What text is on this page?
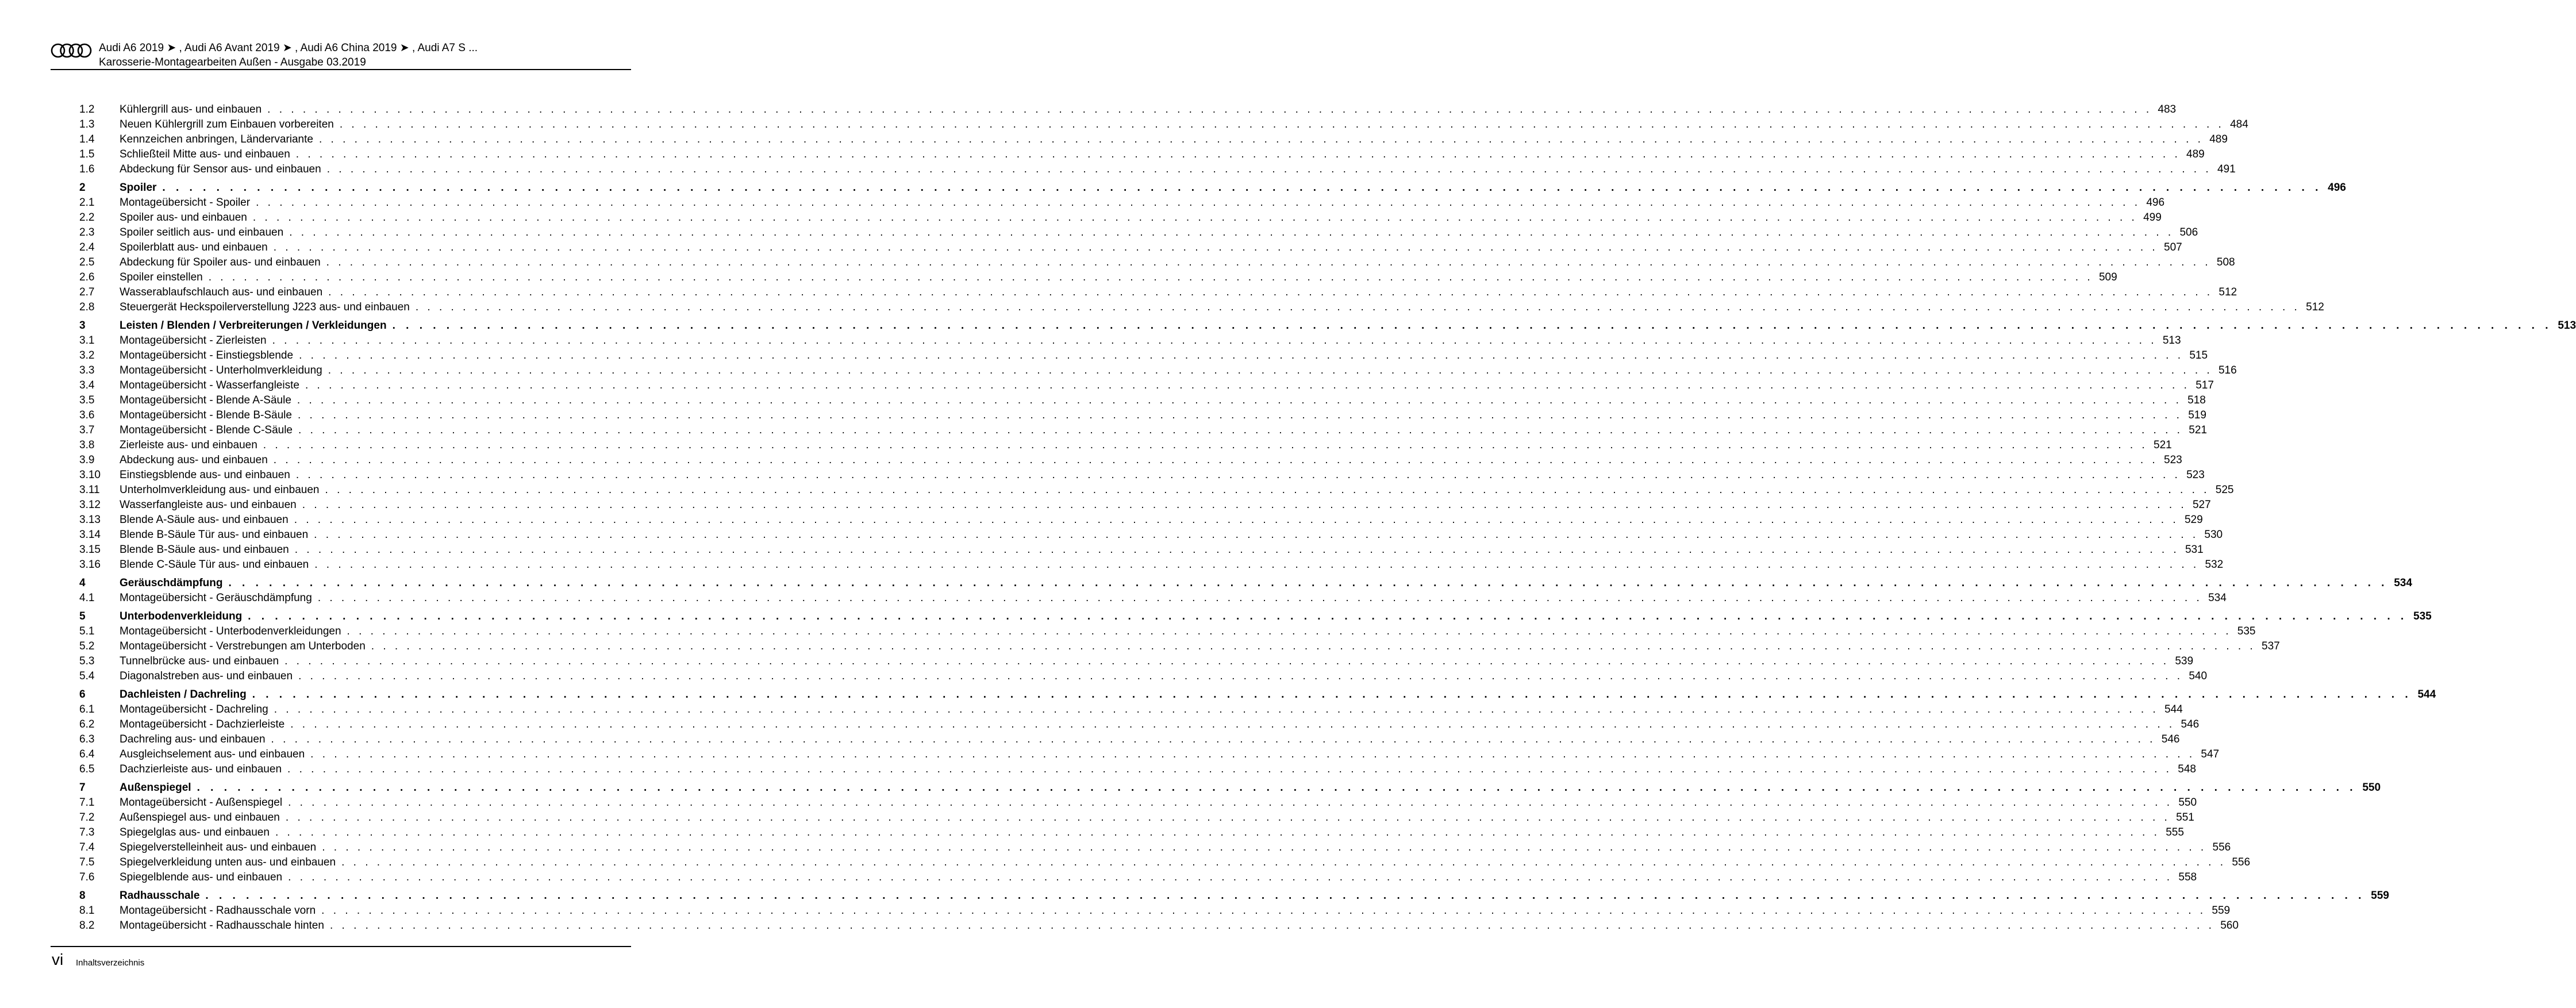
Audi A6 2019 ➤ , Audi A6 Avant 2019 ➤ , Audi A6 China 2019 ➤ , Audi A7 S ...
Karosserie-Montagearbeiten Außen - Ausgabe 03.2019
1.2	Kühlergrill aus- und einbauen . . . . . . . . . . . . . . . . . . . . . . . . . . . . . . . . . . . . . . . . . . . . . . . . . . . . . . . . . . . . . . . . . . . . . . . . . . . . . . . . . . . . . . . . . . . . . . . . . . . . . . . . . . . . . . . . . . . . . . . . . . . . . . . . . . . . . . . . . . . . . . . . . . . . . . . . . . . . . . . . 483
1.3	Neuen Kühlergrill zum Einbauen vorbereiten . . . . . . . . . . . . . . . . . . . . . . . . . . . . . . . . . . . . . . . . . . . . . . . . . . . . . . . . . . . . . . . . . . . . . . . . . . . . . . . . . . . . . . . . . . . . . . . . . . . . . . . . . . . . . . . . . . . . . . . . . . . . . . . . . . . . . . . . . . . . . . . . . . . . . . . . . . . . . . . . 484
1.4	Kennzeichen anbringen, Ländervariante . . . . . . . . . . . . . . . . . . . . . . . . . . . . . . . . . . . . . . . . . . . . . . . . . . . . . . . . . . . . . . . . . . . . . . . . . . . . . . . . . . . . . . . . . . . . . . . . . . . . . . . . . . . . . . . . . . . . . . . . . . . . . . . . . . . . . . . . . . . . . . . . . . . . . . . . . . . . . . . . 489
1.5	Schließteil Mitte aus- und einbauen . . . . . . . . . . . . . . . . . . . . . . . . . . . . . . . . . . . . . . . . . . . . . . . . . . . . . . . . . . . . . . . . . . . . . . . . . . . . . . . . . . . . . . . . . . . . . . . . . . . . . . . . . . . . . . . . . . . . . . . . . . . . . . . . . . . . . . . . . . . . . . . . . . . . . . . . . . . . . . . . 489
1.6	Abdeckung für Sensor aus- und einbauen . . . . . . . . . . . . . . . . . . . . . . . . . . . . . . . . . . . . . . . . . . . . . . . . . . . . . . . . . . . . . . . . . . . . . . . . . . . . . . . . . . . . . . . . . . . . . . . . . . . . . . . . . . . . . . . . . . . . . . . . . . . . . . . . . . . . . . . . . . . . . . . . . . . . . . . . . . . . . . . . 491
2	Spoiler . . . . . . . . . . . . . . . . . . . . . . . . . . . . . . . . . . . . . . . . . . . . . . . . . . . . . . . . . . . . . . . . . . . . . . . . . . . . . . . . . . . . . . . . . . . . . . . . . . . . . . . . . . . . . . . . . . . . . . . . . . . . . . . . . . . . . . . . . . . . . . . . . . . . . . . . . . . . . . . . 496
2.1	Montageübersicht - Spoiler . . . . . . . . . . . . . . . . . . . . . . . . . . . . . . . . . . . . . . . . . . . . . . . . . . . . . . . . . . . . . . . . . . . . . . . . . . . . . . . . . . . . . . . . . . . . . . . . . . . . . . . . . . . . . . . . . . . . . . . . . . . . . . . . . . . . . . . . . . . . . . . . . . . . . . . . . . . . . . . . 496
2.2	Spoiler aus- und einbauen . . . . . . . . . . . . . . . . . . . . . . . . . . . . . . . . . . . . . . . . . . . . . . . . . . . . . . . . . . . . . . . . . . . . . . . . . . . . . . . . . . . . . . . . . . . . . . . . . . . . . . . . . . . . . . . . . . . . . . . . . . . . . . . . . . . . . . . . . . . . . . . . . . . . . . . . . . . . . . . . 499
2.3	Spoiler seitlich aus- und einbauen . . . . . . . . . . . . . . . . . . . . . . . . . . . . . . . . . . . . . . . . . . . . . . . . . . . . . . . . . . . . . . . . . . . . . . . . . . . . . . . . . . . . . . . . . . . . . . . . . . . . . . . . . . . . . . . . . . . . . . . . . . . . . . . . . . . . . . . . . . . . . . . . . . . . . . . . . . . . . . . . 506
2.4	Spoilerblatt aus- und einbauen . . . . . . . . . . . . . . . . . . . . . . . . . . . . . . . . . . . . . . . . . . . . . . . . . . . . . . . . . . . . . . . . . . . . . . . . . . . . . . . . . . . . . . . . . . . . . . . . . . . . . . . . . . . . . . . . . . . . . . . . . . . . . . . . . . . . . . . . . . . . . . . . . . . . . . . . . . . . . . . . 507
2.5	Abdeckung für Spoiler aus- und einbauen . . . . . . . . . . . . . . . . . . . . . . . . . . . . . . . . . . . . . . . . . . . . . . . . . . . . . . . . . . . . . . . . . . . . . . . . . . . . . . . . . . . . . . . . . . . . . . . . . . . . . . . . . . . . . . . . . . . . . . . . . . . . . . . . . . . . . . . . . . . . . . . . . . . . . . . . . . . . . . . . 508
2.6	Spoiler einstellen . . . . . . . . . . . . . . . . . . . . . . . . . . . . . . . . . . . . . . . . . . . . . . . . . . . . . . . . . . . . . . . . . . . . . . . . . . . . . . . . . . . . . . . . . . . . . . . . . . . . . . . . . . . . . . . . . . . . . . . . . . . . . . . . . . . . . . . . . . . . . . . . . . . . . . . . . . . . . . . . 509
2.7	Wasserablaufschlauch aus- und einbauen . . . . . . . . . . . . . . . . . . . . . . . . . . . . . . . . . . . . . . . . . . . . . . . . . . . . . . . . . . . . . . . . . . . . . . . . . . . . . . . . . . . . . . . . . . . . . . . . . . . . . . . . . . . . . . . . . . . . . . . . . . . . . . . . . . . . . . . . . . . . . . . . . . . . . . . . . . . . . . . . 512
2.8	Steuergerät Heckspoilerverstellung J223 aus- und einbauen . . . . . . . . . . . . . . . . . . . . . . . . . . . . . . . . . . . . . . . . . . . . . . . . . . . . . . . . . . . . . . . . . . . . . . . . . . . . . . . . . . . . . . . . . . . . . . . . . . . . . . . . . . . . . . . . . . . . . . . . . . . . . . . . . . . . . . . . . . . . . . . . . . . . . . . . . . . . . . . . 512
3	Leisten / Blenden / Verbreiterungen / Verkleidungen . . . . . . . . . . . . . . . . . . . . . . . . . . . . . . . . . . . . . . . . . . . . . . . . . . . . . . . . . . . . . . . . . . . . . . . . . . . . . . . . . . . . . . . . . . . . . . . . . . . . . . . . . . . . . . . . . . . . . . . . . . . . . . . . . . . . . . . . . . . . . . . . . . . . . . . . . . . . . . . . 513
3.1	Montageübersicht - Zierleisten . . . . . . . . . . . . . . . . . . . . . . . . . . . . . . . . . . . . . . . . . . . . . . . . . . . . . . . . . . . . . . . . . . . . . . . . . . . . . . . . . . . . . . . . . . . . . . . . . . . . . . . . . . . . . . . . . . . . . . . . . . . . . . . . . . . . . . . . . . . . . . . . . . . . . . . . . . . . . . . . 513
3.2	Montageübersicht - Einstiegsblende . . . . . . . . . . . . . . . . . . . . . . . . . . . . . . . . . . . . . . . . . . . . . . . . . . . . . . . . . . . . . . . . . . . . . . . . . . . . . . . . . . . . . . . . . . . . . . . . . . . . . . . . . . . . . . . . . . . . . . . . . . . . . . . . . . . . . . . . . . . . . . . . . . . . . . . . . . . . . . . . 515
3.3	Montageübersicht - Unterholmverkleidung . . . . . . . . . . . . . . . . . . . . . . . . . . . . . . . . . . . . . . . . . . . . . . . . . . . . . . . . . . . . . . . . . . . . . . . . . . . . . . . . . . . . . . . . . . . . . . . . . . . . . . . . . . . . . . . . . . . . . . . . . . . . . . . . . . . . . . . . . . . . . . . . . . . . . . . . . . . . . . . . 516
3.4	Montageübersicht - Wasserfangleiste . . . . . . . . . . . . . . . . . . . . . . . . . . . . . . . . . . . . . . . . . . . . . . . . . . . . . . . . . . . . . . . . . . . . . . . . . . . . . . . . . . . . . . . . . . . . . . . . . . . . . . . . . . . . . . . . . . . . . . . . . . . . . . . . . . . . . . . . . . . . . . . . . . . . . . . . . . . . . . . . 517
3.5	Montageübersicht - Blende A-Säule . . . . . . . . . . . . . . . . . . . . . . . . . . . . . . . . . . . . . . . . . . . . . . . . . . . . . . . . . . . . . . . . . . . . . . . . . . . . . . . . . . . . . . . . . . . . . . . . . . . . . . . . . . . . . . . . . . . . . . . . . . . . . . . . . . . . . . . . . . . . . . . . . . . . . . . . . . . . . . . . 518
3.6	Montageübersicht - Blende B-Säule . . . . . . . . . . . . . . . . . . . . . . . . . . . . . . . . . . . . . . . . . . . . . . . . . . . . . . . . . . . . . . . . . . . . . . . . . . . . . . . . . . . . . . . . . . . . . . . . . . . . . . . . . . . . . . . . . . . . . . . . . . . . . . . . . . . . . . . . . . . . . . . . . . . . . . . . . . . . . . . . 519
3.7	Montageübersicht - Blende C-Säule . . . . . . . . . . . . . . . . . . . . . . . . . . . . . . . . . . . . . . . . . . . . . . . . . . . . . . . . . . . . . . . . . . . . . . . . . . . . . . . . . . . . . . . . . . . . . . . . . . . . . . . . . . . . . . . . . . . . . . . . . . . . . . . . . . . . . . . . . . . . . . . . . . . . . . . . . . . . . . . . 521
3.8	Zierleiste aus- und einbauen . . . . . . . . . . . . . . . . . . . . . . . . . . . . . . . . . . . . . . . . . . . . . . . . . . . . . . . . . . . . . . . . . . . . . . . . . . . . . . . . . . . . . . . . . . . . . . . . . . . . . . . . . . . . . . . . . . . . . . . . . . . . . . . . . . . . . . . . . . . . . . . . . . . . . . . . . . . . . . . . 521
3.9	Abdeckung aus- und einbauen . . . . . . . . . . . . . . . . . . . . . . . . . . . . . . . . . . . . . . . . . . . . . . . . . . . . . . . . . . . . . . . . . . . . . . . . . . . . . . . . . . . . . . . . . . . . . . . . . . . . . . . . . . . . . . . . . . . . . . . . . . . . . . . . . . . . . . . . . . . . . . . . . . . . . . . . . . . . . . . . 523
3.10	Einstiegsblende aus- und einbauen . . . . . . . . . . . . . . . . . . . . . . . . . . . . . . . . . . . . . . . . . . . . . . . . . . . . . . . . . . . . . . . . . . . . . . . . . . . . . . . . . . . . . . . . . . . . . . . . . . . . . . . . . . . . . . . . . . . . . . . . . . . . . . . . . . . . . . . . . . . . . . . . . . . . . . . . . . . . . . . . 523
3.11	Unterholmverkleidung aus- und einbauen . . . . . . . . . . . . . . . . . . . . . . . . . . . . . . . . . . . . . . . . . . . . . . . . . . . . . . . . . . . . . . . . . . . . . . . . . . . . . . . . . . . . . . . . . . . . . . . . . . . . . . . . . . . . . . . . . . . . . . . . . . . . . . . . . . . . . . . . . . . . . . . . . . . . . . . . . . . . . . . . 525
3.12	Wasserfangleiste aus- und einbauen . . . . . . . . . . . . . . . . . . . . . . . . . . . . . . . . . . . . . . . . . . . . . . . . . . . . . . . . . . . . . . . . . . . . . . . . . . . . . . . . . . . . . . . . . . . . . . . . . . . . . . . . . . . . . . . . . . . . . . . . . . . . . . . . . . . . . . . . . . . . . . . . . . . . . . . . . . . . . . . . 527
3.13	Blende A-Säule aus- und einbauen . . . . . . . . . . . . . . . . . . . . . . . . . . . . . . . . . . . . . . . . . . . . . . . . . . . . . . . . . . . . . . . . . . . . . . . . . . . . . . . . . . . . . . . . . . . . . . . . . . . . . . . . . . . . . . . . . . . . . . . . . . . . . . . . . . . . . . . . . . . . . . . . . . . . . . . . . . . . . . . . 529
3.14	Blende B-Säule Tür aus- und einbauen . . . . . . . . . . . . . . . . . . . . . . . . . . . . . . . . . . . . . . . . . . . . . . . . . . . . . . . . . . . . . . . . . . . . . . . . . . . . . . . . . . . . . . . . . . . . . . . . . . . . . . . . . . . . . . . . . . . . . . . . . . . . . . . . . . . . . . . . . . . . . . . . . . . . . . . . . . . . . . . . 530
3.15	Blende B-Säule aus- und einbauen . . . . . . . . . . . . . . . . . . . . . . . . . . . . . . . . . . . . . . . . . . . . . . . . . . . . . . . . . . . . . . . . . . . . . . . . . . . . . . . . . . . . . . . . . . . . . . . . . . . . . . . . . . . . . . . . . . . . . . . . . . . . . . . . . . . . . . . . . . . . . . . . . . . . . . . . . . . . . . . . 531
3.16	Blende C-Säule Tür aus- und einbauen . . . . . . . . . . . . . . . . . . . . . . . . . . . . . . . . . . . . . . . . . . . . . . . . . . . . . . . . . . . . . . . . . . . . . . . . . . . . . . . . . . . . . . . . . . . . . . . . . . . . . . . . . . . . . . . . . . . . . . . . . . . . . . . . . . . . . . . . . . . . . . . . . . . . . . . . . . . . . . . . 532
4	Geräuschdämpfung . . . . . . . . . . . . . . . . . . . . . . . . . . . . . . . . . . . . . . . . . . . . . . . . . . . . . . . . . . . . . . . . . . . . . . . . . . . . . . . . . . . . . . . . . . . . . . . . . . . . . . . . . . . . . . . . . . . . . . . . . . . . . . . . . . . . . . . . . . . . . . . . . . . . . . . . . . . . . . . . 534
4.1	Montageübersicht - Geräuschdämpfung . . . . . . . . . . . . . . . . . . . . . . . . . . . . . . . . . . . . . . . . . . . . . . . . . . . . . . . . . . . . . . . . . . . . . . . . . . . . . . . . . . . . . . . . . . . . . . . . . . . . . . . . . . . . . . . . . . . . . . . . . . . . . . . . . . . . . . . . . . . . . . . . . . . . . . . . . . . . . . . . 534
5	Unterbodenverkleidung . . . . . . . . . . . . . . . . . . . . . . . . . . . . . . . . . . . . . . . . . . . . . . . . . . . . . . . . . . . . . . . . . . . . . . . . . . . . . . . . . . . . . . . . . . . . . . . . . . . . . . . . . . . . . . . . . . . . . . . . . . . . . . . . . . . . . . . . . . . . . . . . . . . . . . . . . . . . . . . . 535
5.1	Montageübersicht - Unterbodenverkleidungen . . . . . . . . . . . . . . . . . . . . . . . . . . . . . . . . . . . . . . . . . . . . . . . . . . . . . . . . . . . . . . . . . . . . . . . . . . . . . . . . . . . . . . . . . . . . . . . . . . . . . . . . . . . . . . . . . . . . . . . . . . . . . . . . . . . . . . . . . . . . . . . . . . . . . . . . . . . . . . . . 535
5.2	Montageübersicht - Verstrebungen am Unterboden . . . . . . . . . . . . . . . . . . . . . . . . . . . . . . . . . . . . . . . . . . . . . . . . . . . . . . . . . . . . . . . . . . . . . . . . . . . . . . . . . . . . . . . . . . . . . . . . . . . . . . . . . . . . . . . . . . . . . . . . . . . . . . . . . . . . . . . . . . . . . . . . . . . . . . . . . . . . . . . . 537
5.3	Tunnelbrücke aus- und einbauen . . . . . . . . . . . . . . . . . . . . . . . . . . . . . . . . . . . . . . . . . . . . . . . . . . . . . . . . . . . . . . . . . . . . . . . . . . . . . . . . . . . . . . . . . . . . . . . . . . . . . . . . . . . . . . . . . . . . . . . . . . . . . . . . . . . . . . . . . . . . . . . . . . . . . . . . . . . . . . . . 539
5.4	Diagonalstreben aus- und einbauen . . . . . . . . . . . . . . . . . . . . . . . . . . . . . . . . . . . . . . . . . . . . . . . . . . . . . . . . . . . . . . . . . . . . . . . . . . . . . . . . . . . . . . . . . . . . . . . . . . . . . . . . . . . . . . . . . . . . . . . . . . . . . . . . . . . . . . . . . . . . . . . . . . . . . . . . . . . . . . . . 540
6	Dachleisten / Dachreling . . . . . . . . . . . . . . . . . . . . . . . . . . . . . . . . . . . . . . . . . . . . . . . . . . . . . . . . . . . . . . . . . . . . . . . . . . . . . . . . . . . . . . . . . . . . . . . . . . . . . . . . . . . . . . . . . . . . . . . . . . . . . . . . . . . . . . . . . . . . . . . . . . . . . . . . . . . . . . . . 544
6.1	Montageübersicht - Dachreling . . . . . . . . . . . . . . . . . . . . . . . . . . . . . . . . . . . . . . . . . . . . . . . . . . . . . . . . . . . . . . . . . . . . . . . . . . . . . . . . . . . . . . . . . . . . . . . . . . . . . . . . . . . . . . . . . . . . . . . . . . . . . . . . . . . . . . . . . . . . . . . . . . . . . . . . . . . . . . . . 544
6.2	Montageübersicht - Dachzierleiste . . . . . . . . . . . . . . . . . . . . . . . . . . . . . . . . . . . . . . . . . . . . . . . . . . . . . . . . . . . . . . . . . . . . . . . . . . . . . . . . . . . . . . . . . . . . . . . . . . . . . . . . . . . . . . . . . . . . . . . . . . . . . . . . . . . . . . . . . . . . . . . . . . . . . . . . . . . . . . . . 546
6.3	Dachreling aus- und einbauen . . . . . . . . . . . . . . . . . . . . . . . . . . . . . . . . . . . . . . . . . . . . . . . . . . . . . . . . . . . . . . . . . . . . . . . . . . . . . . . . . . . . . . . . . . . . . . . . . . . . . . . . . . . . . . . . . . . . . . . . . . . . . . . . . . . . . . . . . . . . . . . . . . . . . . . . . . . . . . . . 546
6.4	Ausgleichselement aus- und einbauen . . . . . . . . . . . . . . . . . . . . . . . . . . . . . . . . . . . . . . . . . . . . . . . . . . . . . . . . . . . . . . . . . . . . . . . . . . . . . . . . . . . . . . . . . . . . . . . . . . . . . . . . . . . . . . . . . . . . . . . . . . . . . . . . . . . . . . . . . . . . . . . . . . . . . . . . . . . . . . . . 547
6.5	Dachzierleiste aus- und einbauen . . . . . . . . . . . . . . . . . . . . . . . . . . . . . . . . . . . . . . . . . . . . . . . . . . . . . . . . . . . . . . . . . . . . . . . . . . . . . . . . . . . . . . . . . . . . . . . . . . . . . . . . . . . . . . . . . . . . . . . . . . . . . . . . . . . . . . . . . . . . . . . . . . . . . . . . . . . . . . . . 548
7	Außenspiegel . . . . . . . . . . . . . . . . . . . . . . . . . . . . . . . . . . . . . . . . . . . . . . . . . . . . . . . . . . . . . . . . . . . . . . . . . . . . . . . . . . . . . . . . . . . . . . . . . . . . . . . . . . . . . . . . . . . . . . . . . . . . . . . . . . . . . . . . . . . . . . . . . . . . . . . . . . . . . . . . 550
7.1	Montageübersicht - Außenspiegel . . . . . . . . . . . . . . . . . . . . . . . . . . . . . . . . . . . . . . . . . . . . . . . . . . . . . . . . . . . . . . . . . . . . . . . . . . . . . . . . . . . . . . . . . . . . . . . . . . . . . . . . . . . . . . . . . . . . . . . . . . . . . . . . . . . . . . . . . . . . . . . . . . . . . . . . . . . . . . . . 550
7.2	Außenspiegel aus- und einbauen . . . . . . . . . . . . . . . . . . . . . . . . . . . . . . . . . . . . . . . . . . . . . . . . . . . . . . . . . . . . . . . . . . . . . . . . . . . . . . . . . . . . . . . . . . . . . . . . . . . . . . . . . . . . . . . . . . . . . . . . . . . . . . . . . . . . . . . . . . . . . . . . . . . . . . . . . . . . . . . . 551
7.3	Spiegelglas aus- und einbauen . . . . . . . . . . . . . . . . . . . . . . . . . . . . . . . . . . . . . . . . . . . . . . . . . . . . . . . . . . . . . . . . . . . . . . . . . . . . . . . . . . . . . . . . . . . . . . . . . . . . . . . . . . . . . . . . . . . . . . . . . . . . . . . . . . . . . . . . . . . . . . . . . . . . . . . . . . . . . . . . 555
7.4	Spiegelverstelleinheit aus- und einbauen . . . . . . . . . . . . . . . . . . . . . . . . . . . . . . . . . . . . . . . . . . . . . . . . . . . . . . . . . . . . . . . . . . . . . . . . . . . . . . . . . . . . . . . . . . . . . . . . . . . . . . . . . . . . . . . . . . . . . . . . . . . . . . . . . . . . . . . . . . . . . . . . . . . . . . . . . . . . . . . . 556
7.5	Spiegelverkleidung unten aus- und einbauen . . . . . . . . . . . . . . . . . . . . . . . . . . . . . . . . . . . . . . . . . . . . . . . . . . . . . . . . . . . . . . . . . . . . . . . . . . . . . . . . . . . . . . . . . . . . . . . . . . . . . . . . . . . . . . . . . . . . . . . . . . . . . . . . . . . . . . . . . . . . . . . . . . . . . . . . . . . . . . . . 556
7.6	Spiegelblende aus- und einbauen . . . . . . . . . . . . . . . . . . . . . . . . . . . . . . . . . . . . . . . . . . . . . . . . . . . . . . . . . . . . . . . . . . . . . . . . . . . . . . . . . . . . . . . . . . . . . . . . . . . . . . . . . . . . . . . . . . . . . . . . . . . . . . . . . . . . . . . . . . . . . . . . . . . . . . . . . . . . . . . . 558
8	Radhausschale . . . . . . . . . . . . . . . . . . . . . . . . . . . . . . . . . . . . . . . . . . . . . . . . . . . . . . . . . . . . . . . . . . . . . . . . . . . . . . . . . . . . . . . . . . . . . . . . . . . . . . . . . . . . . . . . . . . . . . . . . . . . . . . . . . . . . . . . . . . . . . . . . . . . . . . . . . . . . . . . 559
8.1	Montageübersicht - Radhausschale vorn . . . . . . . . . . . . . . . . . . . . . . . . . . . . . . . . . . . . . . . . . . . . . . . . . . . . . . . . . . . . . . . . . . . . . . . . . . . . . . . . . . . . . . . . . . . . . . . . . . . . . . . . . . . . . . . . . . . . . . . . . . . . . . . . . . . . . . . . . . . . . . . . . . . . . . . . . . . . . . . . 559
8.2	Montageübersicht - Radhausschale hinten . . . . . . . . . . . . . . . . . . . . . . . . . . . . . . . . . . . . . . . . . . . . . . . . . . . . . . . . . . . . . . . . . . . . . . . . . . . . . . . . . . . . . . . . . . . . . . . . . . . . . . . . . . . . . . . . . . . . . . . . . . . . . . . . . . . . . . . . . . . . . . . . . . . . . . . . . . . . . . . . 560
vi Inhaltsverzeichnis
